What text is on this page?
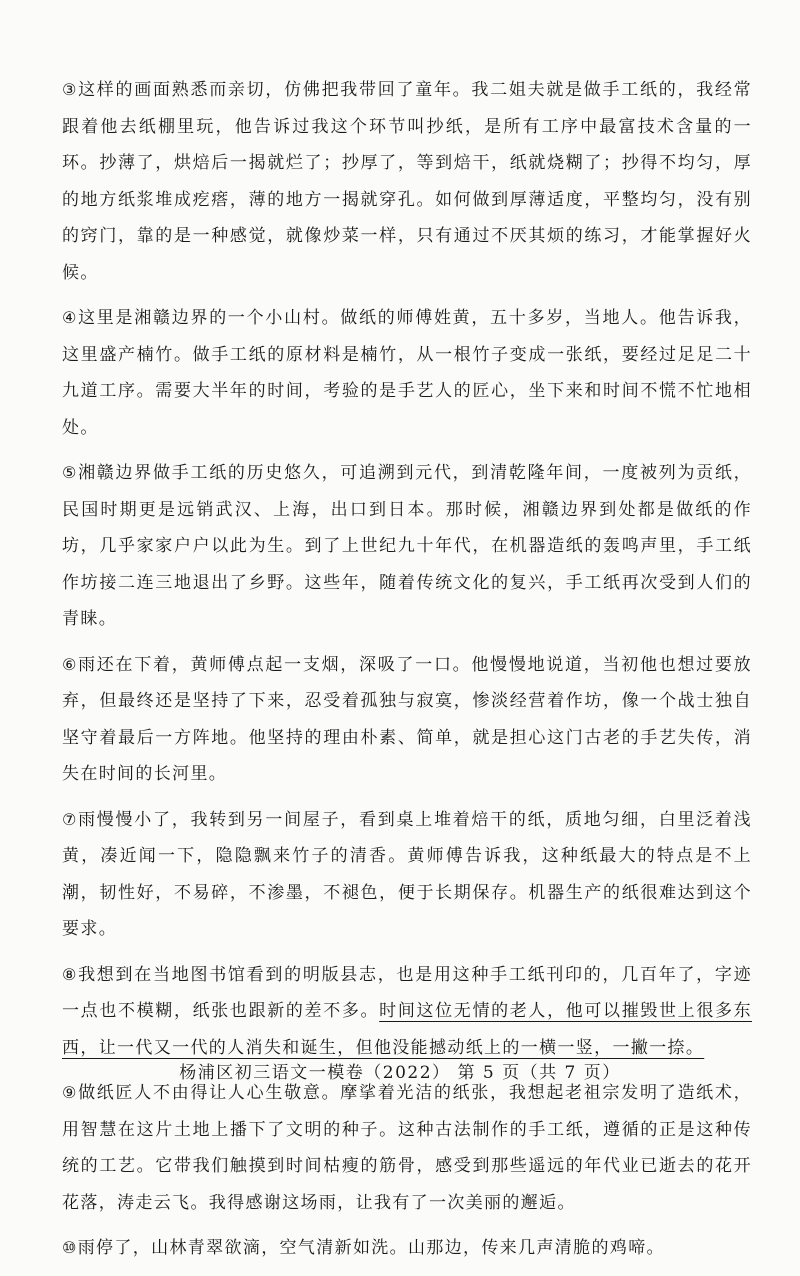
③这样的画面熟悉而亲切，仿佛把我带回了童年。我二姐夫就是做手工纸的，我经常跟着他去纸棚里玩，他告诉过我这个环节叫抄纸，是所有工序中最富技术含量的一环。抄薄了，烘焙后一揭就烂了；抄厚了，等到焙干，纸就烧糊了；抄得不均匀，厚的地方纸浆堆成疙瘩，薄的地方一揭就穿孔。如何做到厚薄适度，平整均匀，没有别的窍门，靠的是一种感觉，就像炒菜一样，只有通过不厌其烦的练习，才能掌握好火候。

④这里是湘赣边界的一个小山村。做纸的师傅姓黄，五十多岁，当地人。他告诉我，这里盛产楠竹。做手工纸的原材料是楠竹，从一根竹子变成一张纸，要经过足足二十九道工序。需要大半年的时间，考验的是手艺人的匠心，坐下来和时间不慌不忙地相处。

⑤湘赣边界做手工纸的历史悠久，可追溯到元代，到清乾隆年间，一度被列为贡纸，民国时期更是远销武汉、上海，出口到日本。那时候，湘赣边界到处都是做纸的作坊，几乎家家户户以此为生。到了上世纪九十年代，在机器造纸的轰鸣声里，手工纸作坊接二连三地退出了乡野。这些年，随着传统文化的复兴，手工纸再次受到人们的青睐。

⑥雨还在下着，黄师傅点起一支烟，深吸了一口。他慢慢地说道，当初他也想过要放弃，但最终还是坚持了下来，忍受着孤独与寂寞，惨淡经营着作坊，像一个战士独自坚守着最后一方阵地。他坚持的理由朴素、简单，就是担心这门古老的手艺失传，消失在时间的长河里。

⑦雨慢慢小了，我转到另一间屋子，看到桌上堆着焙干的纸，质地匀细，白里泛着浅黄，凑近闻一下，隐隐飘来竹子的清香。黄师傅告诉我，这种纸最大的特点是不上潮，韧性好，不易碎，不渗墨，不褪色，便于长期保存。机器生产的纸很难达到这个要求。

⑧我想到在当地图书馆看到的明版县志，也是用这种手工纸刊印的，几百年了，字迹一点也不模糊，纸张也跟新的差不多。时间这位无情的老人，他可以摧毁世上很多东西，让一代又一代的人消失和诞生，但他没能撼动纸上的一横一竖，一撇一捺。

⑨做纸匠人不由得让人心生敬意。摩挲着光洁的纸张，我想起老祖宗发明了造纸术，用智慧在这片土地上播下了文明的种子。这种古法制作的手工纸，遵循的正是这种传统的工艺。它带我们触摸到时间枯瘦的筋骨，感受到那些遥远的年代业已逝去的花开花落，涛走云飞。我得感谢这场雨，让我有了一次美丽的邂逅。

⑩雨停了，山林青翠欲滴，空气清新如洗。山那边，传来几声清脆的鸡啼。

杨浦区初三语文一模卷（2022） 第 5 页（共 7 页）
